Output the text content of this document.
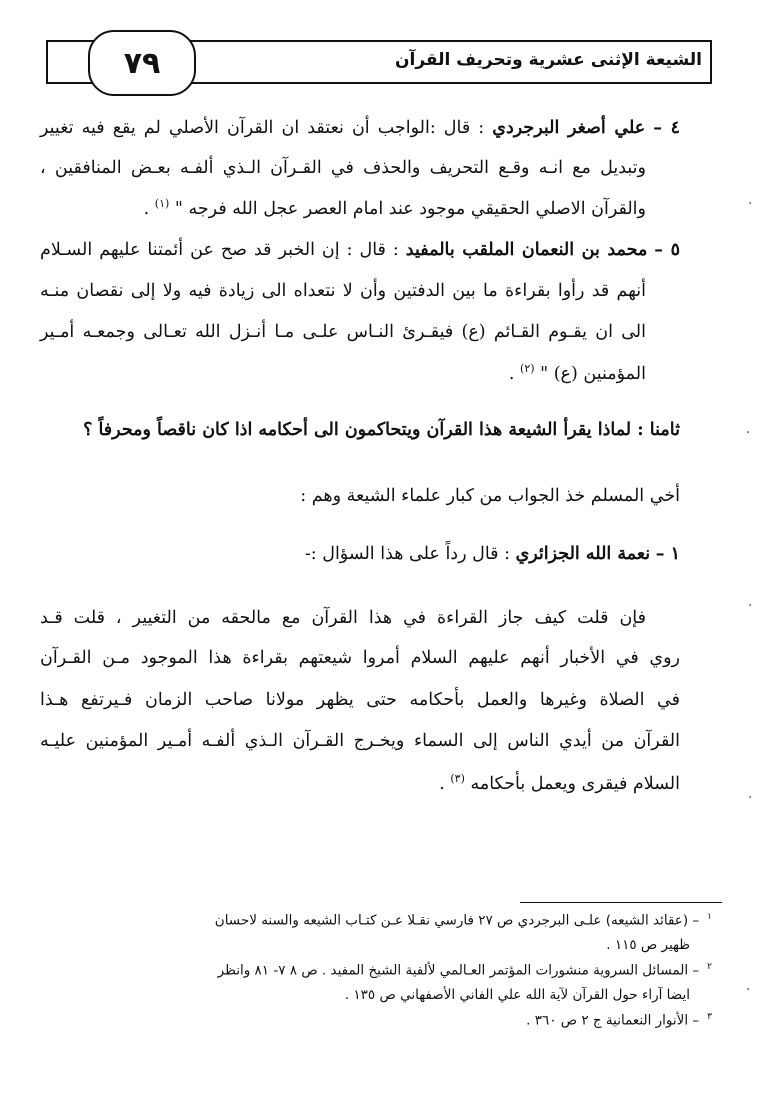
الشيعة الإثنى عشرية وتحريف القرآن
٧٩
٤ – علي أصغر البرجردي : قال :الواجب أن نعتقد ان القرآن الأصلي لم يقع فيه تغيير
وتبديل مع انـه وقـع التحريف والحذف في القـرآن الـذي ألفـه بعـض المنافقين ،
والقرآن الاصلي الحقيقي موجود عند امام العصر عجل الله فرجه " $^{(١)}$ .
٥ – محمد بن النعمان الملقب بالمفيد : قال : إن الخبر قد صح عن أئمتنا عليهم السـلام
أنهم قد رأوا بقراءة ما بين الدفتين وأن لا نتعداه الى زيادة فيه ولا إلى نقصان منـه
الى ان يقـوم القـائم (ع) فيقـرئ النـاس علـى مـا أنـزل الله تعـالى وجمعـه أمـير
المؤمنين (ع) " $^{(٢)}$ .
ثامنا : لماذا يقرأ الشيعة هذا القرآن ويتحاكمون الى أحكامه اذا كان ناقصاً ومحرفاً ؟
أخي المسلم خذ الجواب من كبار علماء الشيعة وهم :
١ – نعمة الله الجزائري : قال رداً على هذا السؤال :-
فإن قلت كيف جاز القراءة في هذا القرآن مع مالحقه من التغيير ، قلت قـد
روي في الأخبار أنهم عليهم السلام أمروا شيعتهم بقراءة هذا الموجود مـن القـرآن
في الصلاة وغيرها والعمل بأحكامه حتى يظهر مولانا صاحب الزمان فـيرتفع هـذا
القرآن من أيدي الناس إلى السماء ويخـرج القـرآن الـذي ألفـه أمـير المؤمنين عليـه
السلام فيقرى ويعمل بأحكامه $^{(٣)}$ .
$^١$– (عقائد الشيعه) علـى البرجردي ص ٢٧ فارسي نقـلا عـن كتـاب الشيعه والسنه لاحسان
ظهير ص ١١٥ .
$^٢$– المسائل السروية منشورات المؤتمر العـالمي لألفية الشيخ المفيد . ص ٨ ٧- ٨١ وانظر
ايضا آراء حول القرآن لآية الله علي الفاني الأصفهاني ص ١٣٥ .
$^٣$– الأنوار النعمانية ج ٢ ص ٣٦٠ .
·
·
·
·
·
